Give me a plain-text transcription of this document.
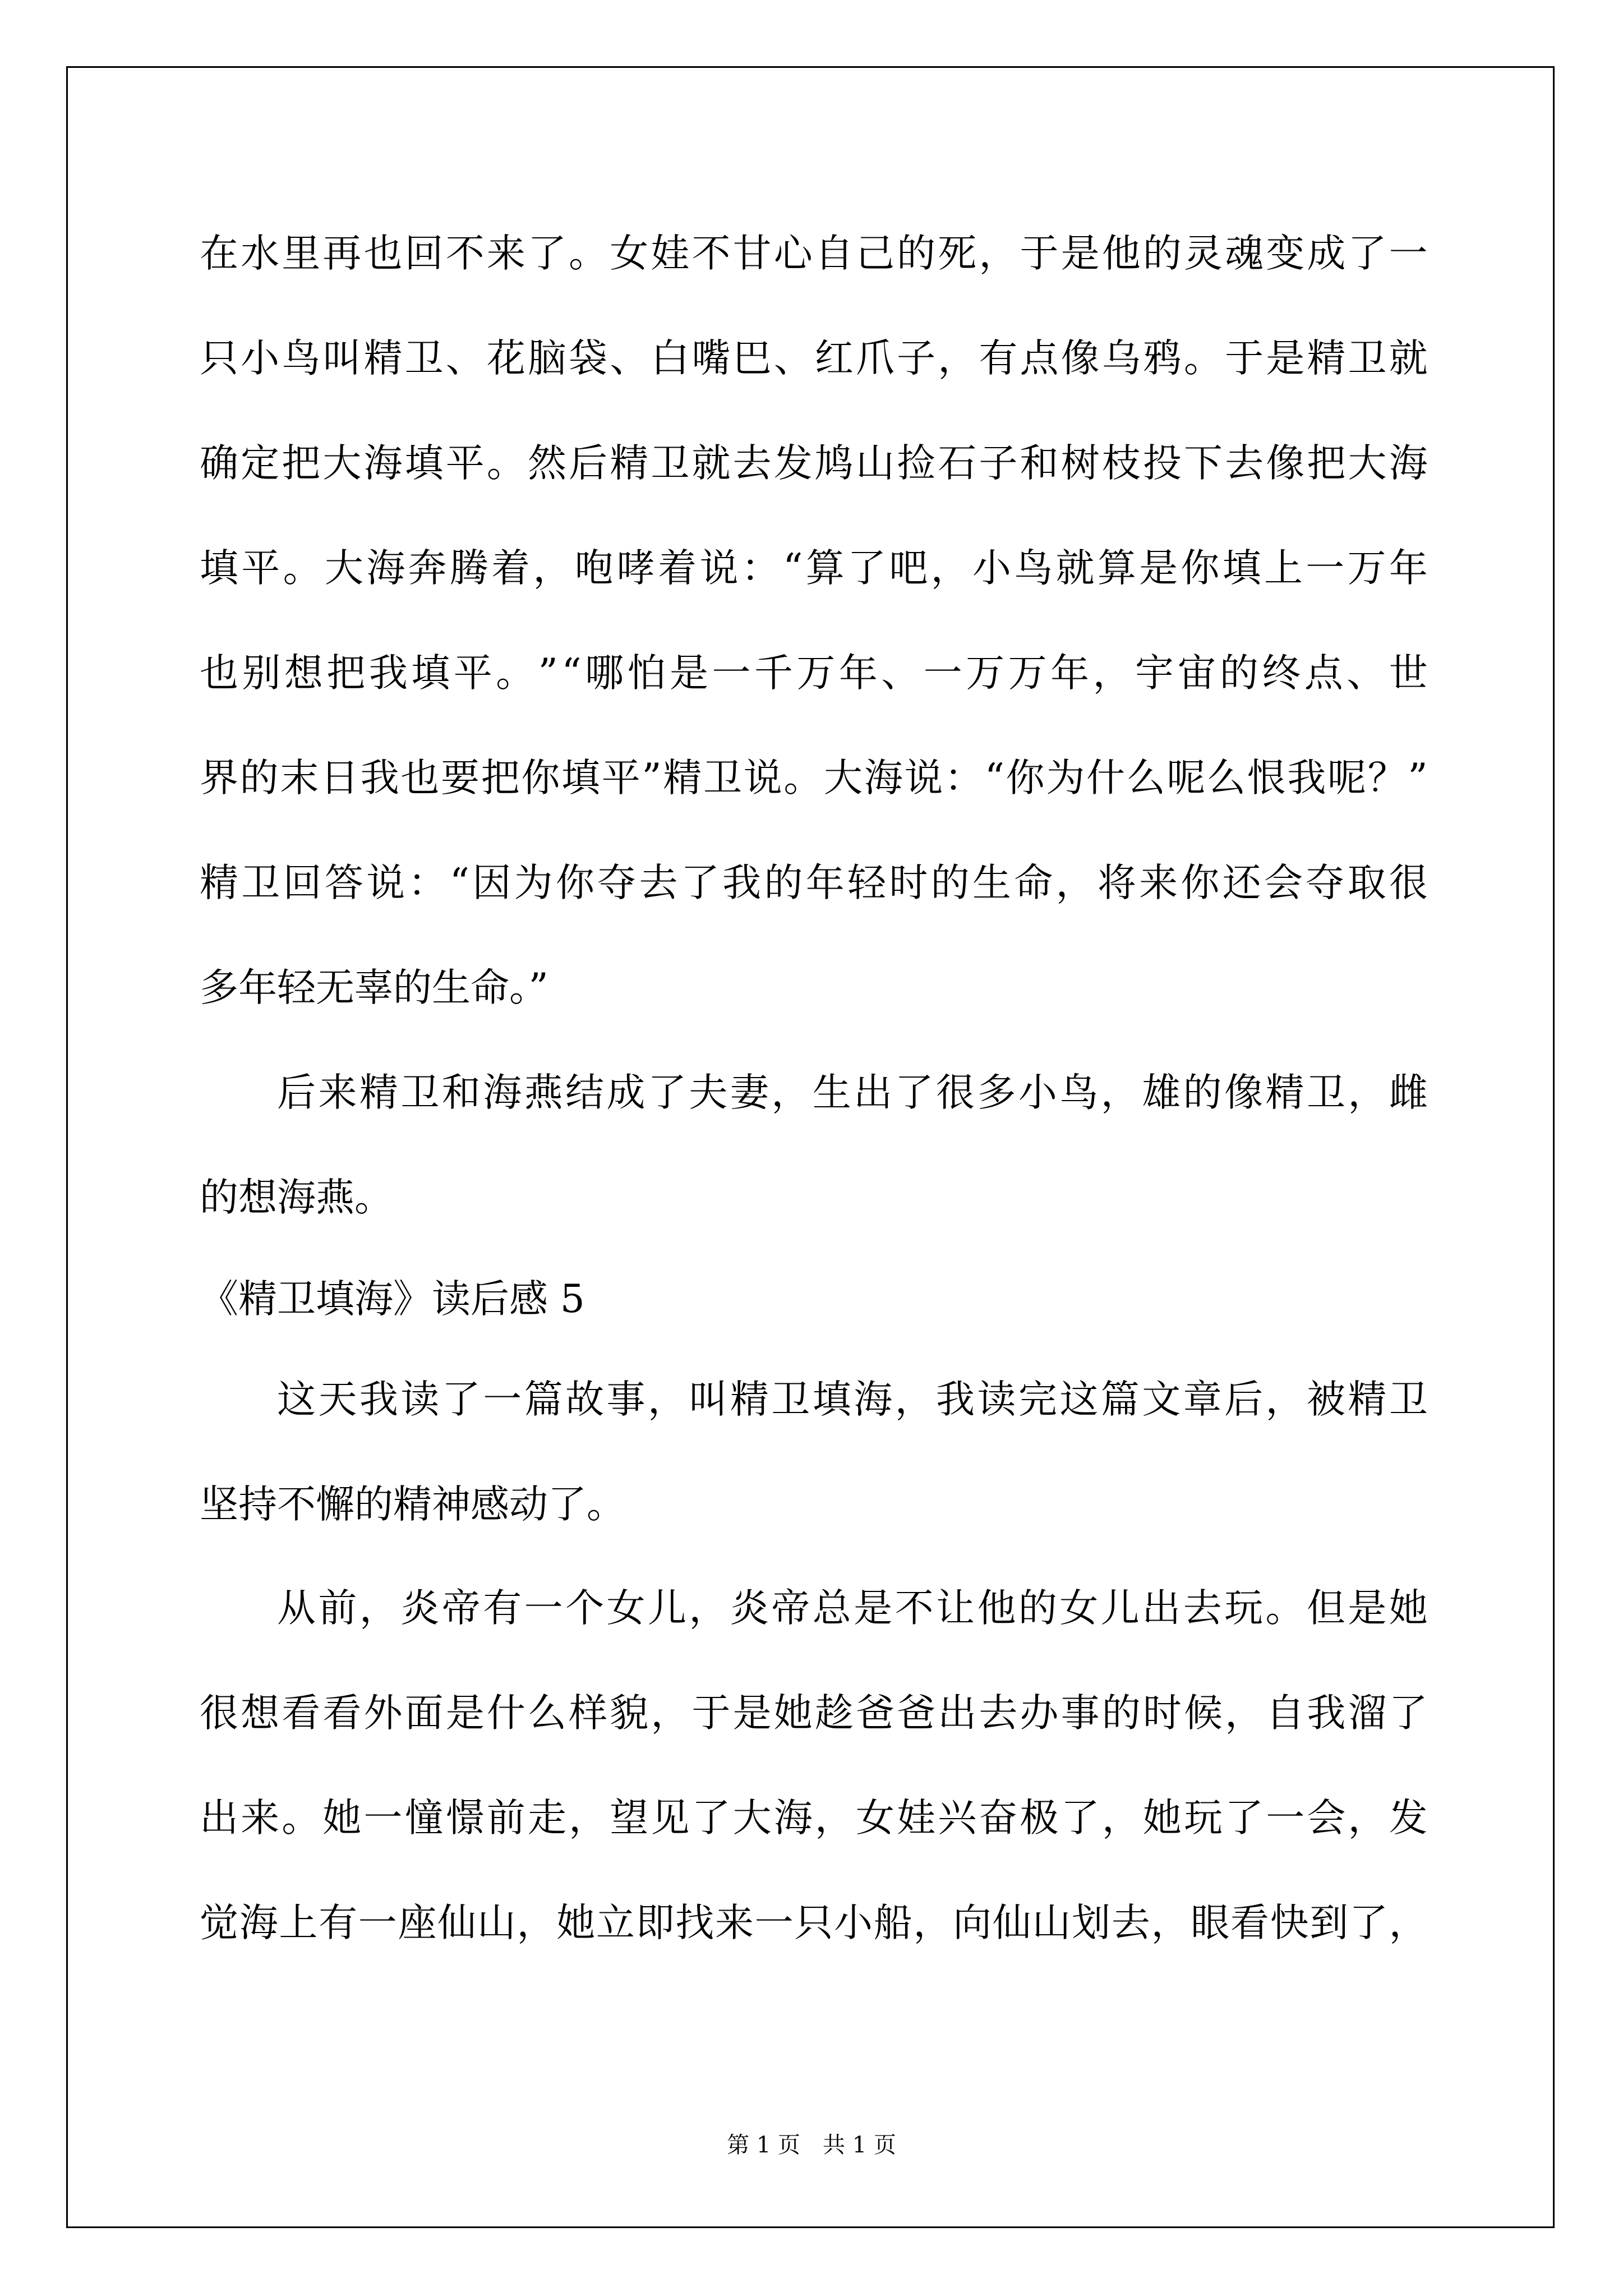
在 水 里 再 也 回 不 来 了 。 女 娃 不 甘 心 自 己 的 死 ， 于 是 他 的 灵 魂 变 成 了 一
只 小 鸟 叫 精 卫 、 花 脑 袋 、 白 嘴 巴 、 红 爪 子 ， 有 点 像 乌 鸦 。 于 是 精 卫 就
确 定 把 大 海 填 平 。 然 后 精 卫 就 去 发 鸠 山 捡 石 子 和 树 枝 投 下 去 像 把 大 海
填 平 。 大 海 奔 腾 着 ， 咆 哮 着 说 ： “ 算 了 吧 ， 小 鸟 就 算 是 你 填 上 一 万 年
也 别 想 把 我 填 平 。 ” “ 哪 怕 是 一 千 万 年 、 一 万 万 年 ， 宇 宙 的 终 点 、 世
界 的 末 日 我 也 要 把 你 填 平 ” 精 卫 说 。 大 海 说 ： “ 你 为 什 么 呢 么 恨 我 呢 ？ ”
精 卫 回 答 说 ： “ 因 为 你 夺 去 了 我 的 年 轻 时 的 生 命 ， 将 来 你 还 会 夺 取 很
多年轻无辜的生命。”
后 来 精 卫 和 海 燕 结 成 了 夫 妻 ， 生 出 了 很 多 小 鸟 ， 雄 的 像 精 卫 ， 雌
的想海燕。
《精卫填海》读后感 5
这 天 我 读 了 一 篇 故 事 ， 叫 精 卫 填 海 ， 我 读 完 这 篇 文 章 后 ， 被 精 卫
坚持不懈的精神感动了。
从 前 ， 炎 帝 有 一 个 女 儿 ， 炎 帝 总 是 不 让 他 的 女 儿 出 去 玩 。 但 是 她
很 想 看 看 外 面 是 什 么 样 貌 ， 于 是 她 趁 爸 爸 出 去 办 事 的 时 候 ， 自 我 溜 了
出 来 。 她 一 憧 憬 前 走 ， 望 见 了 大 海 ， 女 娃 兴 奋 极 了 ， 她 玩 了 一 会 ， 发
觉 海 上 有 一 座 仙 山 ， 她 立 即 找 来 一 只 小 船 ， 向 仙 山 划 去 ， 眼 看 快 到 了 ，
第 1 页　共 1 页
